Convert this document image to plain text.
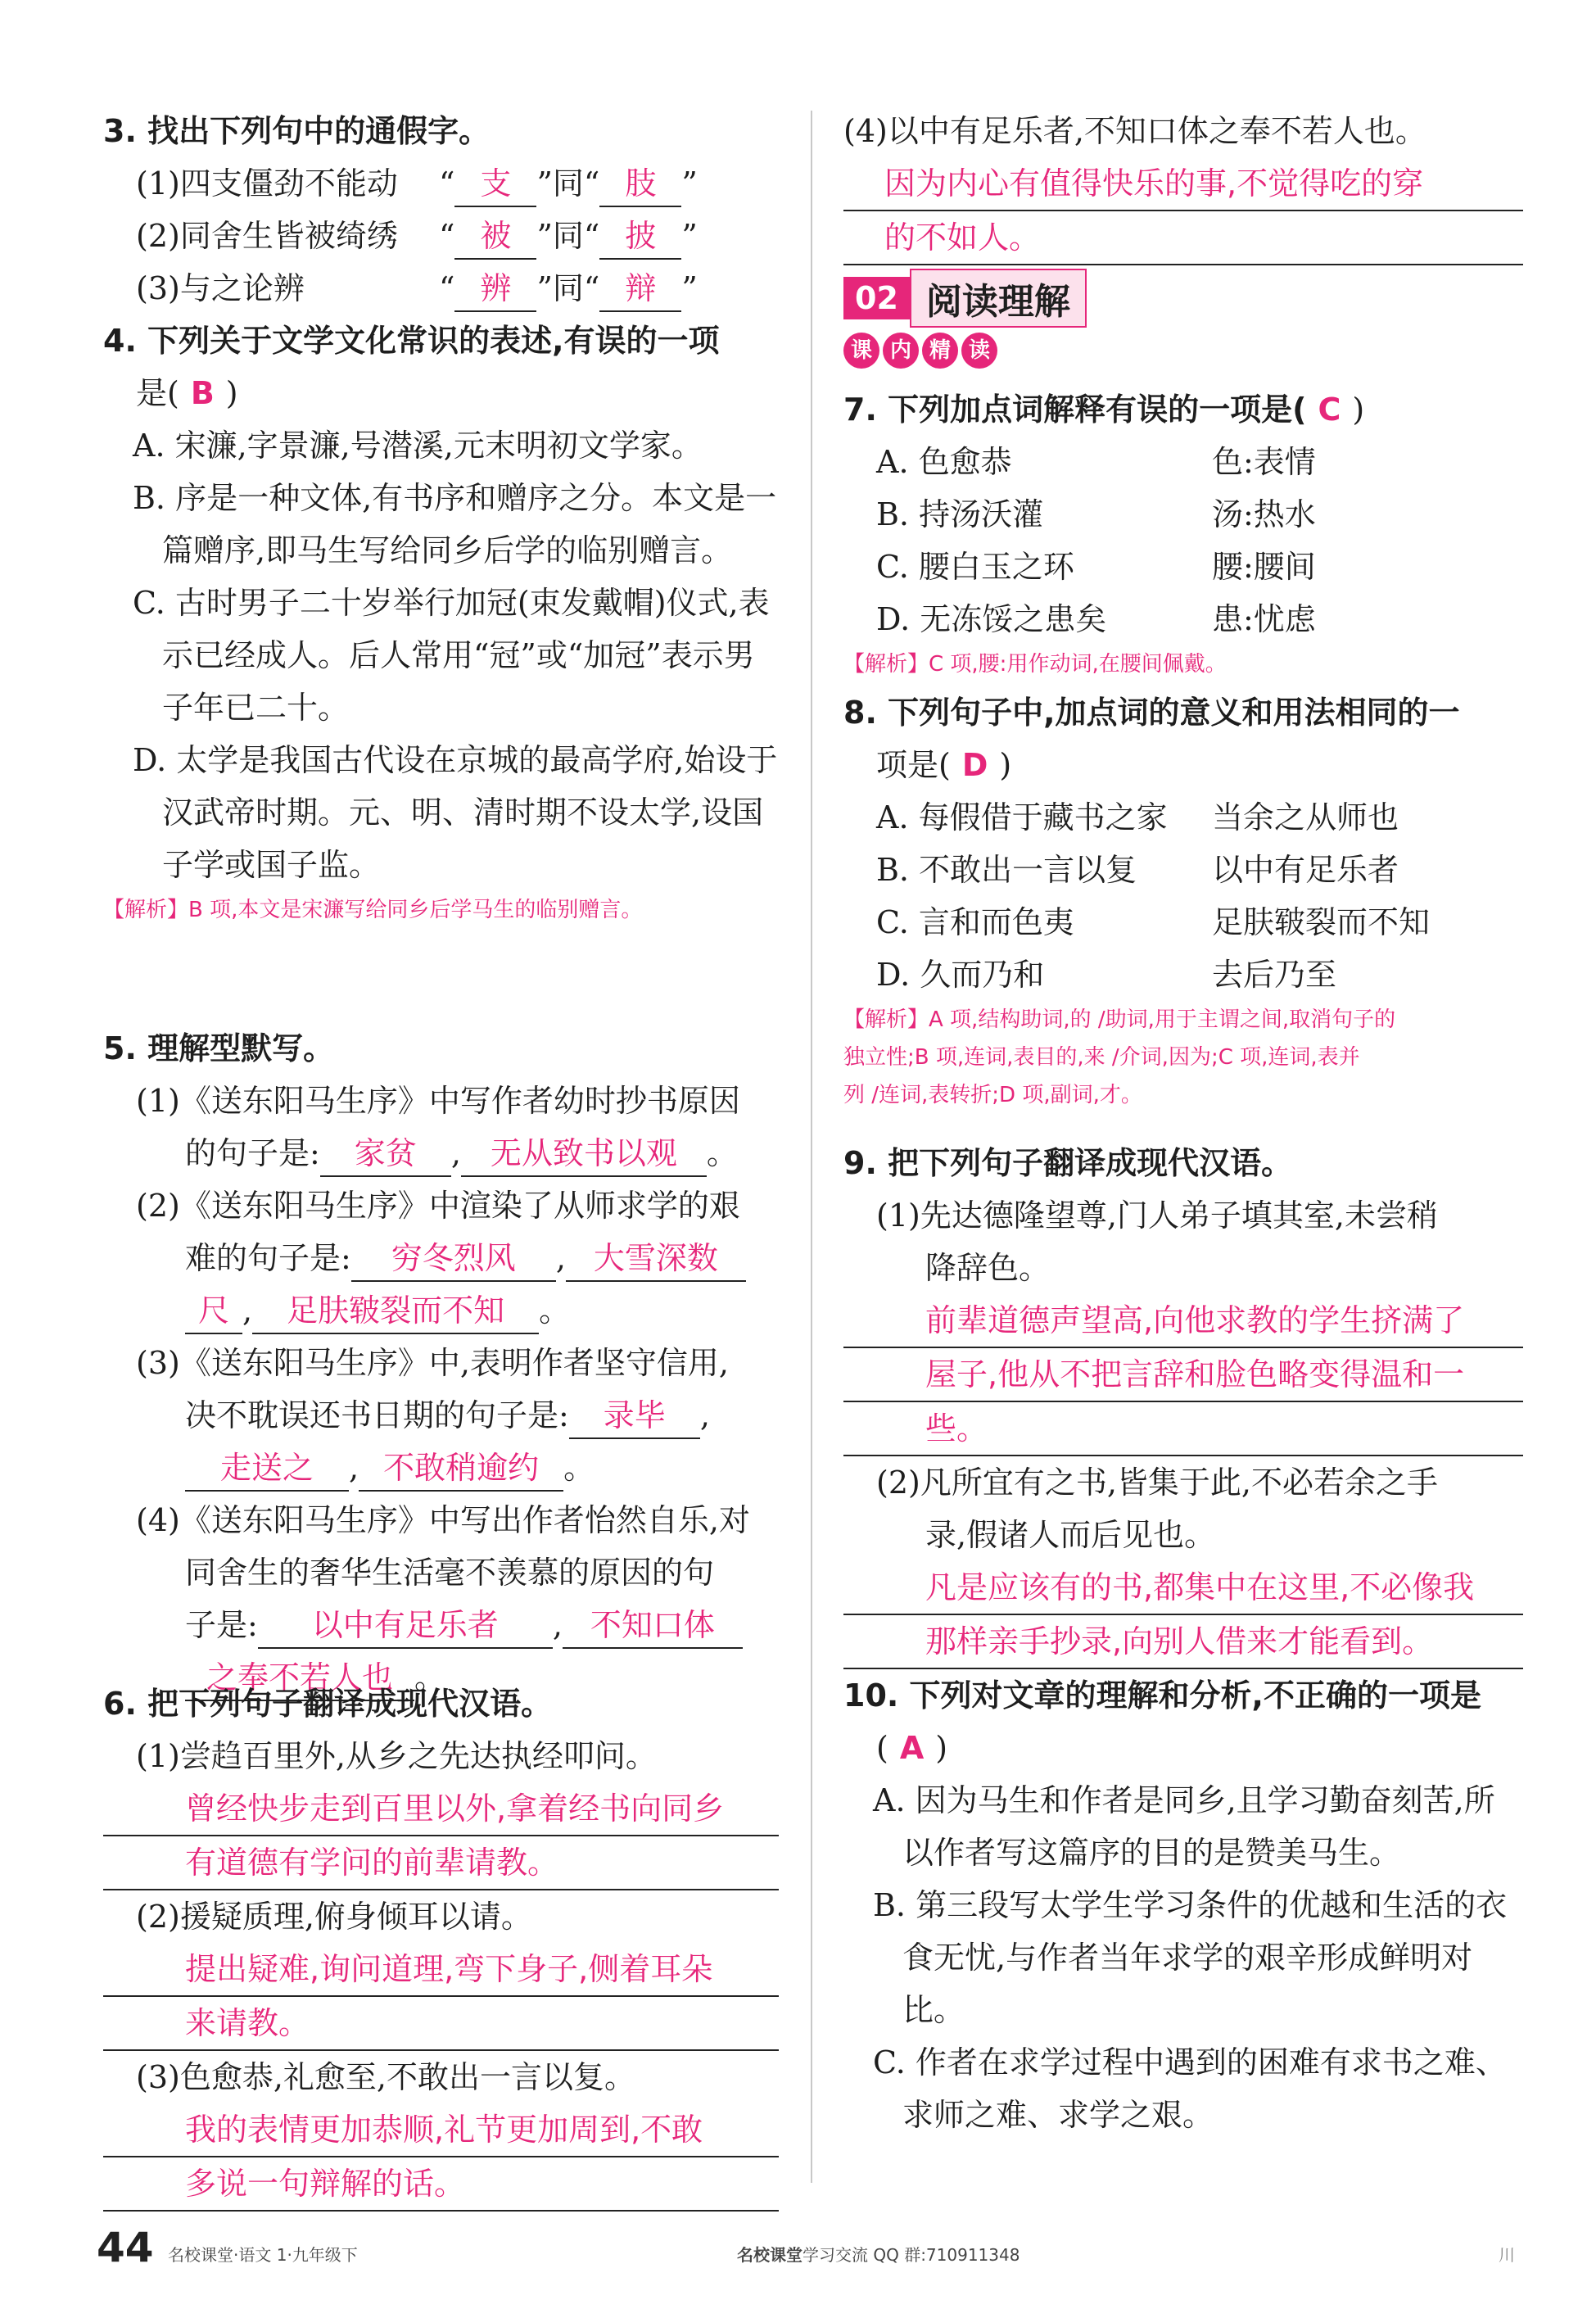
3. 找出下列句中的通假字。
(1)四支僵劲不能动 “ 支 ”同“ 肢 ”
(2)同舍生皆被绮绣 “ 被 ”同“ 披 ”
(3)与之论辨	“ 辨 ”同“ 辩 ”
4. 下列关于文学文化常识的表述,有误的一项
是( B )
A. 宋濂,字景濂,号潜溪,元末明初文学家。
B. 序是一种文体,有书序和赠序之分。本文是一篇赠序,即马生写给同乡后学的临别赠言。
C. 古时男子二十岁举行加冠(束发戴帽)仪式,表示已经成人。后人常用“冠”或“加冠”表示男子年已二十。
D. 太学是我国古代设在京城的最高学府,始设于汉武帝时期。元、明、清时期不设太学,设国子学或国子监。
【解析】B 项,本文是宋濂写给同乡后学马生的临别赠言。
5. 理解型默写。
(1)《送东阳马生序》中写作者幼时抄书原因
的句子是: 家贫 , 无从致书以观 。
(2)《送东阳马生序》中渲染了从师求学的艰
难的句子是: 穷冬烈风 , 大雪深数
尺 , 足肤皲裂而不知 。
(3)《送东阳马生序》中,表明作者坚守信用,
决不耽误还书日期的句子是: 录毕 ,
走送之 , 不敢稍逾约 。
(4)《送东阳马生序》中写出作者怡然自乐,对
同舍生的奢华生活毫不羡慕的原因的句
子是: 以中有足乐者 , 不知口体
之奉不若人也 。
6. 把下列句子翻译成现代汉语。
(1)尝趋百里外,从乡之先达执经叩问。
曾经快步走到百里以外,拿着经书向同乡
有道德有学问的前辈请教。
(2)援疑质理,俯身倾耳以请。
提出疑难,询问道理,弯下身子,侧着耳朵
来请教。
(3)色愈恭,礼愈至,不敢出一言以复。
我的表情更加恭顺,礼节更加周到,不敢
多说一句辩解的话。
(4)以中有足乐者,不知口体之奉不若人也。
因为内心有值得快乐的事,不觉得吃的穿
的不如人。
02 阅读理解
课 内 精 读
7. 下列加点词解释有误的一项是( C )
A. 色愈恭	色:表情
B. 持汤沃灌	汤:热水
C. 腰白玉之环	腰:腰间
D. 无冻馁之患矣	患:忧虑
【解析】C 项,腰:用作动词,在腰间佩戴。
8. 下列句子中,加点词的意义和用法相同的一
项是( D )
A. 每假借于藏书之家	当余之从师也
B. 不敢出一言以复	以中有足乐者
C. 言和而色夷	足肤皲裂而不知
D. 久而乃和	去后乃至
【解析】A 项,结构助词,的 /助词,用于主谓之间,取消句子的
独立性;B 项,连词,表目的,来 /介词,因为;C 项,连词,表并
列 /连词,表转折;D 项,副词,才。
9. 把下列句子翻译成现代汉语。
(1)先达德隆望尊,门人弟子填其室,未尝稍
降辞色。
前辈道德声望高,向他求教的学生挤满了
屋子,他从不把言辞和脸色略变得温和一
些。
(2)凡所宜有之书,皆集于此,不必若余之手
录,假诸人而后见也。
凡是应该有的书,都集中在这里,不必像我
那样亲手抄录,向别人借来才能看到。
10. 下列对文章的理解和分析,不正确的一项是
( A )
A. 因为马生和作者是同乡,且学习勤奋刻苦,所以作者写这篇序的目的是赞美马生。
B. 第三段写太学生学习条件的优越和生活的衣食无忧,与作者当年求学的艰辛形成鲜明对比。
C. 作者在求学过程中遇到的困难有求书之难、求师之难、求学之艰。
44 名校课堂·语文 1·九年级下	名校课堂学习交流 QQ 群:710911348	川
